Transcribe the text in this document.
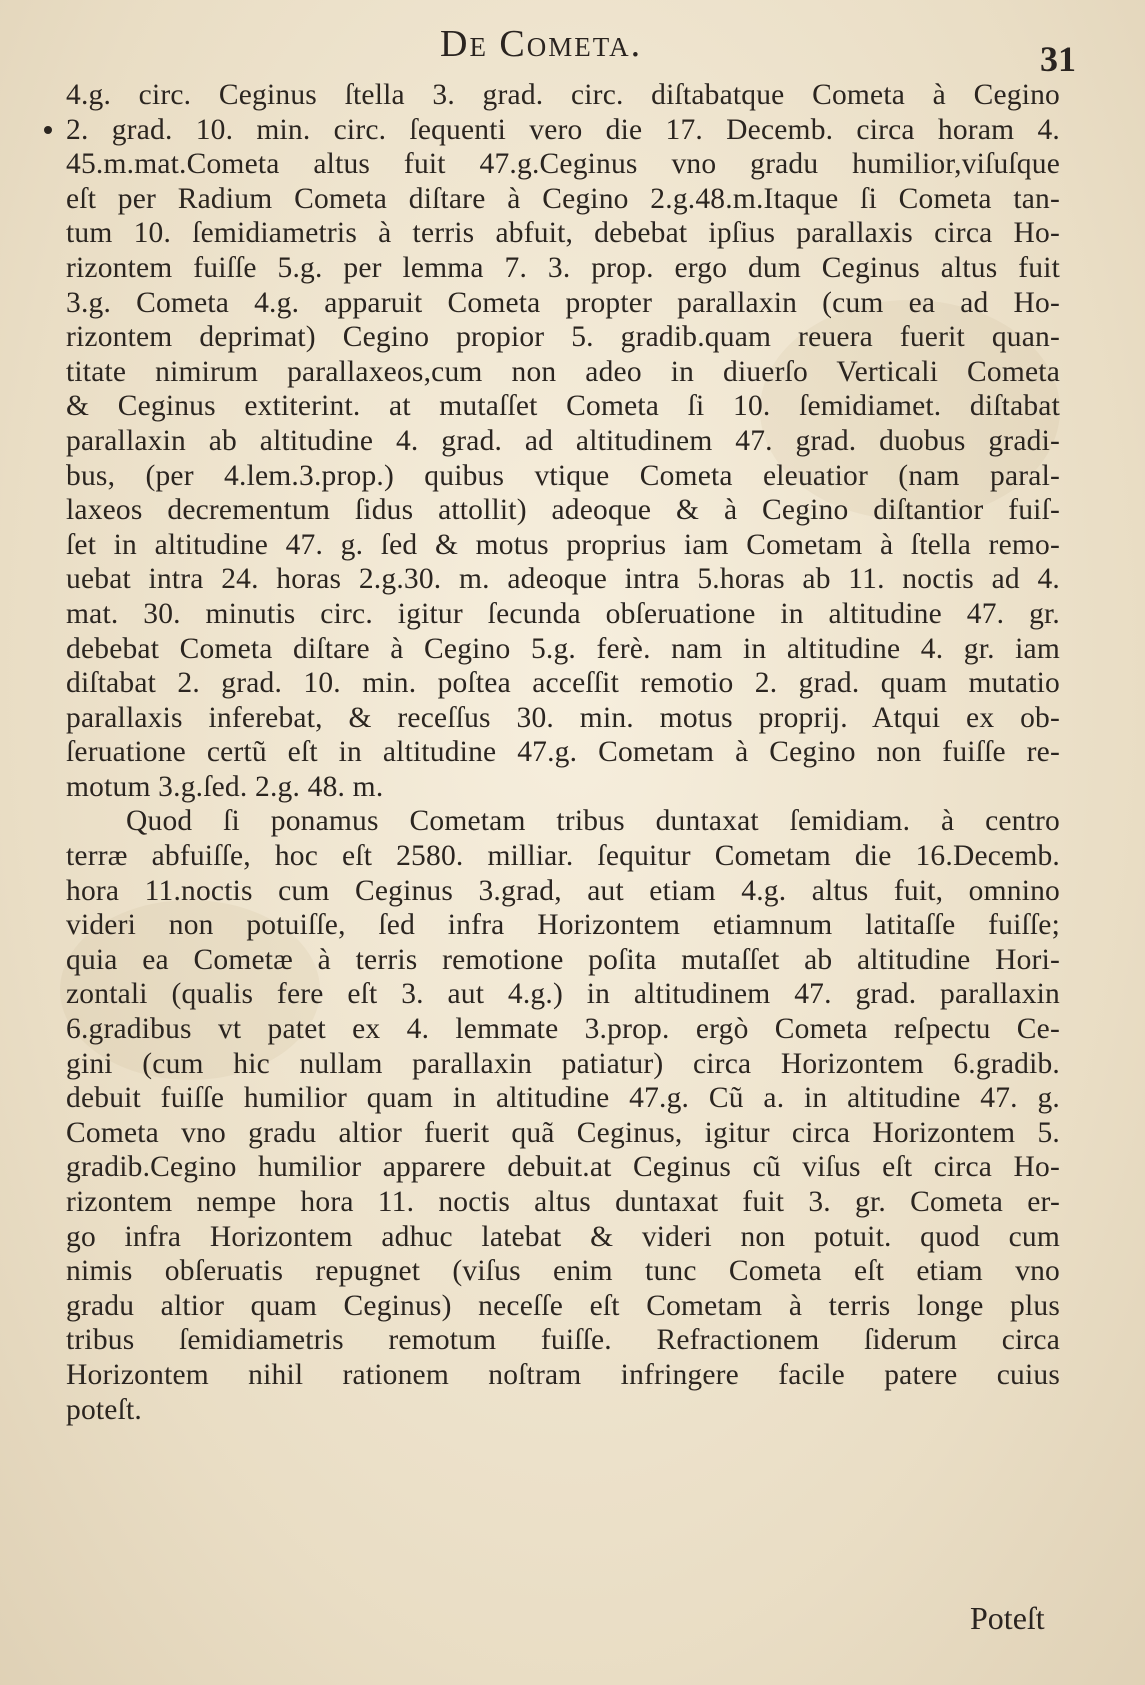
De Cometa.	31
4.g. circ. Ceginus ſtella 3. grad. circ. diſtabatque Cometa à Cegino
2. grad. 10. min. circ. ſequenti vero die 17. Decemb. circa horam 4.
45.m.mat.Cometa altus fuit 47.g.Ceginus vno gradu humilior,viſuſque
eſt per Radium Cometa diſtare à Cegino 2.g.48.m.Itaque ſi Cometa tan-
tum 10. ſemidiametris à terris abfuit, debebat ipſius parallaxis circa Ho-
rizontem fuiſſe 5.g. per lemma 7. 3. prop. ergo dum Ceginus altus fuit
3.g. Cometa 4.g. apparuit Cometa propter parallaxin (cum ea ad Ho-
rizontem deprimat) Cegino propior 5. gradib.quam reuera fuerit quan-
titate nimirum parallaxeos,cum non adeo in diuerſo Verticali Cometa
& Ceginus extiterint. at mutaſſet Cometa ſi 10. ſemidiamet. diſtabat
parallaxin ab altitudine 4. grad. ad altitudinem 47. grad. duobus gradi-
bus, (per 4.lem.3.prop.) quibus vtique Cometa eleuatior (nam paral-
laxeos decrementum ſidus attollit) adeoque & à Cegino diſtantior fuiſ-
ſet in altitudine 47. g. ſed & motus proprius iam Cometam à ſtella remo-
uebat intra 24. horas 2.g.30. m. adeoque intra 5.horas ab 11. noctis ad 4.
mat. 30. minutis circ. igitur ſecunda obſeruatione in altitudine 47. gr.
debebat Cometa diſtare à Cegino 5.g. ferè. nam in altitudine 4. gr. iam
diſtabat 2. grad. 10. min. poſtea acceſſit remotio 2. grad. quam mutatio
parallaxis inferebat, & receſſus 30. min. motus proprij. Atqui ex ob-
ſeruatione certũ eſt in altitudine 47.g. Cometam à Cegino non fuiſſe re-
motum 3.g.ſed. 2.g. 48. m.
Quod ſi ponamus Cometam tribus duntaxat ſemidiam. à centro
terræ abfuiſſe, hoc eſt 2580. milliar. ſequitur Cometam die 16.Decemb.
hora 11.noctis cum Ceginus 3.grad, aut etiam 4.g. altus fuit, omnino
videri non potuiſſe, ſed infra Horizontem etiamnum latitaſſe fuiſſe;
quia ea Cometæ à terris remotione poſita mutaſſet ab altitudine Hori-
zontali (qualis fere eſt 3. aut 4.g.) in altitudinem 47. grad. parallaxin
6.gradibus vt patet ex 4. lemmate 3.prop. ergò Cometa reſpectu Ce-
gini (cum hic nullam parallaxin patiatur) circa Horizontem 6.gradib.
debuit fuiſſe humilior quam in altitudine 47.g. Cũ a. in altitudine 47. g.
Cometa vno gradu altior fuerit quã Ceginus, igitur circa Horizontem 5.
gradib.Cegino humilior apparere debuit.at Ceginus cũ viſus eſt circa Ho-
rizontem nempe hora 11. noctis altus duntaxat fuit 3. gr. Cometa er-
go infra Horizontem adhuc latebat & videri non potuit. quod cum
nimis obſeruatis repugnet (viſus enim tunc Cometa eſt etiam vno
gradu altior quam Ceginus) neceſſe eſt Cometam à terris longe plus
tribus ſemidiametris remotum fuiſſe. Refractionem ſiderum circa
Horizontem nihil rationem noſtram infringere facile patere cuius
poteſt.
Poteſt
